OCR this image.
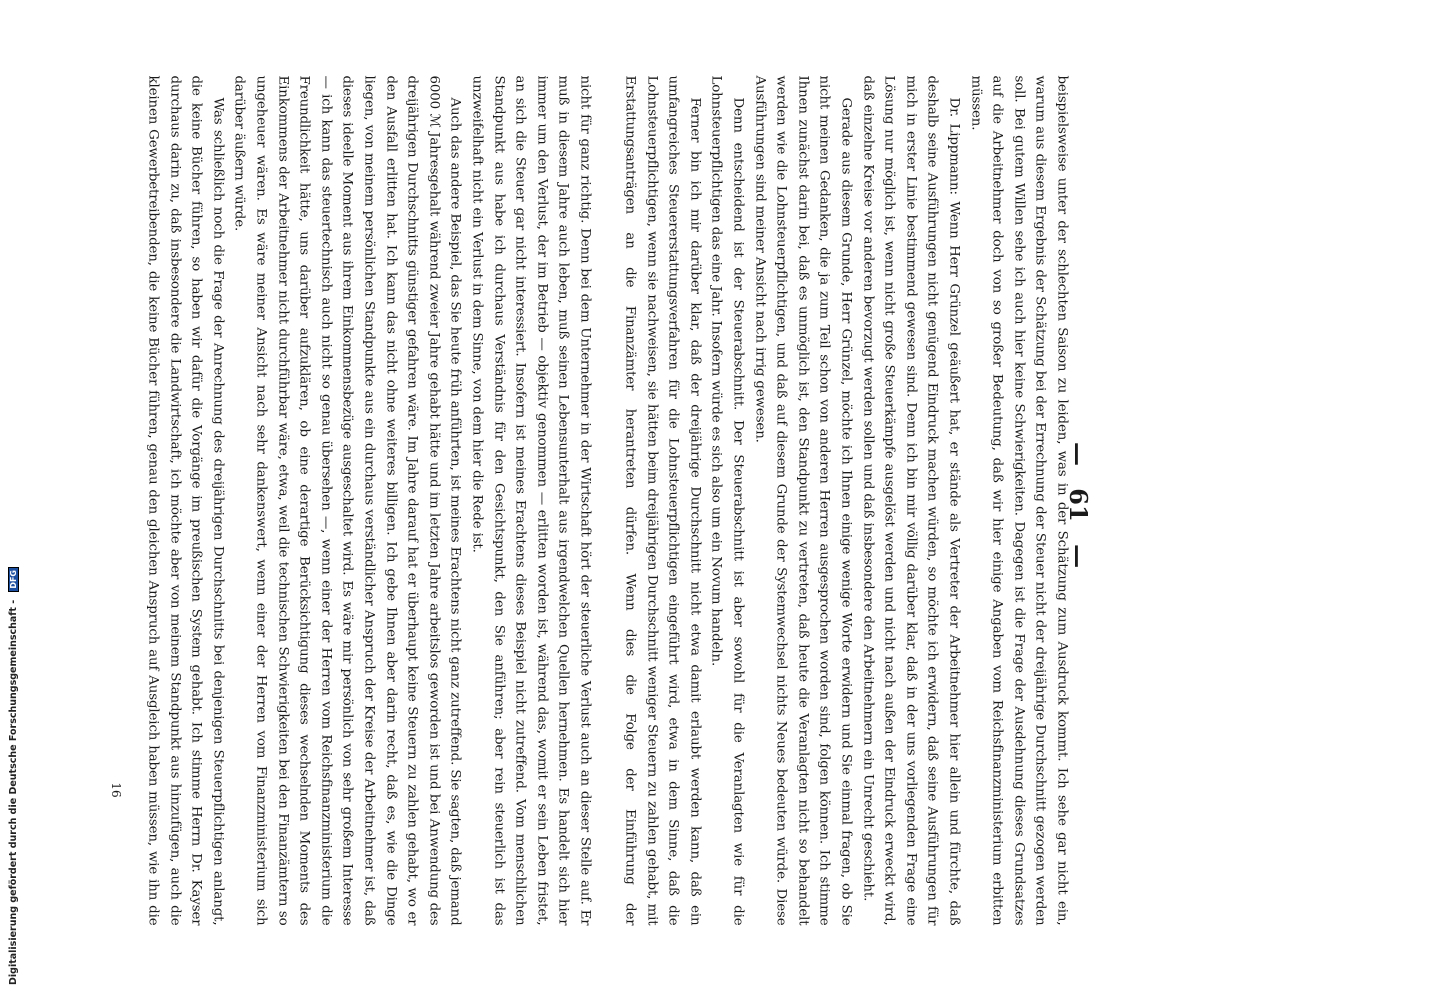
— 61 —

nicht für ganz richtig. Denn bei dem Unternehmer in der Wirtschaft hört der steuerliche Verlust auch an dieser Stelle auf. Er muß in diesem Jahre auch leben, muß seinen Lebensunterhalt aus irgendwelchen Quellen hernehmen. Es handelt sich hier immer um den Verlust, der im Betrieb — objektiv genommen — erlitten worden ist, während das, womit er sein Leben fristet, an sich die Steuer gar nicht interessiert. Insofern ist meines Erachtens dieses Beispiel nicht zutreffend. Vom menschlichen Standpunkt aus habe ich durchaus Verständnis für den Gesichtspunkt, den Sie anführen; aber rein steuerlich ist das unzweifelhaft nicht ein Verlust in dem Sinne, von dem hier die Rede ist.

Auch das andere Beispiel, das Sie heute früh anführten, ist meines Erachtens nicht ganz zutreffend. Sie sagten, daß jemand 6000 ℳ Jahresgehalt während zweier Jahre gehabt hätte und im letzten Jahre arbeitslos geworden ist und bei Anwendung des dreijährigen Durchschnitts günstiger gefahren wäre. Im Jahre darauf hat er überhaupt keine Steuern zu zahlen gehabt, wo er den Ausfall erlitten hat. Ich kann das nicht ohne weiteres billigen. Ich gebe Ihnen aber darin recht, daß es, wie die Dinge liegen, von meinem persönlichen Standpunkte aus ein durchaus verständlicher Anspruch der Kreise der Arbeitnehmer ist, daß dieses ideelle Moment aus ihrem Einkommensbezüge ausgeschaltet wird. Es wäre mir persönlich von sehr großem Interesse — ich kann das steuertechnisch auch nicht so genau übersehen —, wenn einer der Herren vom Reichsfinanzministerium die Freundlichkeit hätte, uns darüber aufzuklären, ob eine derartige Berücksichtigung dieses wechselnden Moments des Einkommens der Arbeitnehmer nicht durchführbar wäre, etwa, weil die technischen Schwierigkeiten bei den Finanzämtern so ungeheuer wären. Es wäre meiner Ansicht nach sehr dankenswert, wenn einer der Herren vom Finanzministerium sich darüber äußern würde.

Was schließlich noch die Frage der Anrechnung des dreijährigen Durchschnitts bei denjenigen Steuerpflichtigen anlangt, die keine Bücher führen, so haben wir dafür die Vorgänge im preußischen System gehabt. Ich stimme Herrn Dr. Kayser durchaus darin zu, daß insbesondere die Landwirtschaft, ich möchte aber von meinem Standpunkt aus hinzufügen, auch die kleinen Gewerbetreibenden, die keine Bücher führen, genau den gleichen Anspruch auf Ausgleich haben müssen, wie ihn die	beispielsweise unter der schlechten Saison zu leiden, was in der Schätzung zum Ausdruck kommt. Ich sehe gar nicht ein, warum aus diesem Ergebnis der Schätzung bei der Errechnung der Steuer nicht der dreijährige Durchschnitt gezogen werden soll. Bei gutem Willen sehe ich auch hier keine Schwierigkeiten. Dagegen ist die Frage der Ausdehnung dieses Grundsatzes auf die Arbeitnehmer doch von so großer Bedeutung, daß wir hier einige Angaben vom Reichsfinanzministerium erbitten müssen.

Dr. Lippmann: Wenn Herr Grünzel geäußert hat, er stände als Vertreter der Arbeitnehmer hier allein und fürchte, daß deshalb seine Ausführungen nicht genügend Eindruck machen würden, so möchte ich erwidern, daß seine Ausführungen für mich in erster Linie bestimmend gewesen sind. Denn ich bin mir völlig darüber klar, daß in der uns vorliegenden Frage eine Lösung nur möglich ist, wenn nicht große Steuerkämpfe ausgelöst werden und nicht nach außen der Eindruck erweckt wird, daß einzelne Kreise vor anderen bevorzugt werden sollen und daß insbesondere den Arbeitnehmern ein Unrecht geschieht.

Gerade aus diesem Grunde, Herr Grünzel, möchte ich Ihnen einige wenige Worte erwidern und Sie einmal fragen, ob Sie nicht meinen Gedanken, die ja zum Teil schon von anderen Herren ausgesprochen worden sind, folgen können. Ich stimme Ihnen zunächst darin bei, daß es unmöglich ist, den Standpunkt zu vertreten, daß heute die Veranlagten nicht so behandelt werden wie die Lohnsteuerpflichtigen, und daß auf diesem Grunde der Systemwechsel nichts Neues bedeuten würde. Diese Ausführungen sind meiner Ansicht nach irrig gewesen.

Denn entscheidend ist der Steuerabschnitt. Der Steuerabschnitt ist aber sowohl für die Veranlagten wie für die Lohnsteuerpflichtigen das eine Jahr. Insofern würde es sich also um ein Novum handeln.

Ferner bin ich mir darüber klar, daß der dreijährige Durchschnitt nicht etwa damit erlaubt werden kann, daß ein umfangreiches Steuererstattungsverfahren für die Lohnsteuerpflichtigen eingeführt wird, etwa in dem Sinne, daß die Lohnsteuerpflichtigen, wenn sie nachweisen, sie hätten beim dreijährigen Durchschnitt weniger Steuern zu zahlen gehabt, mit Erstattungsanträgen an die Finanzämter herantreten dürfen. Wenn dies die Folge der Einführung der

16
Digitalisierung gefördert durch die Deutsche Forschungsgemeinschaft - DFG
